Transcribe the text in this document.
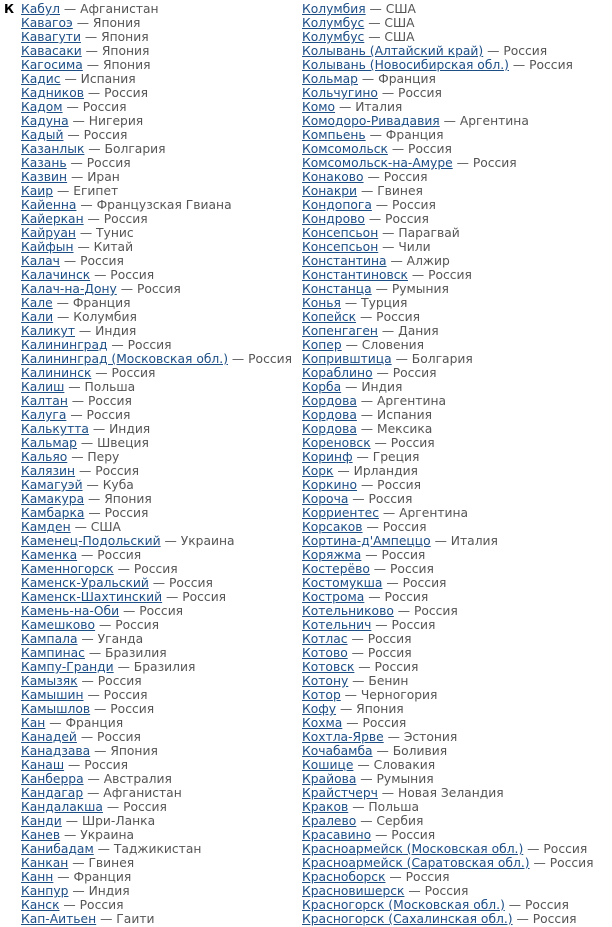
К Кабул — Афганистан
Кавагоэ — Япония
Кавагути — Япония
Кавасаки — Япония
Кагосима — Япония
Кадис — Испания
Кадников — Россия
Кадом — Россия
Кадуна — Нигерия
Кадый — Россия
Казанлык — Болгария
Казань — Россия
Казвин — Иран
Каир — Египет
Кайенна — Французская Гвиана
Кайеркан — Россия
Кайруан — Тунис
Кайфын — Китай
Калач — Россия
Калачинск — Россия
Калач-на-Дону — Россия
Кале — Франция
Кали — Колумбия
Каликут — Индия
Калининград — Россия
Калининград (Московская обл.) — Россия
Калининск — Россия
Калиш — Польша
Калтан — Россия
Калуга — Россия
Калькутта — Индия
Кальмар — Швеция
Кальяо — Перу
Калязин — Россия
Камагуэй — Куба
Камакура — Япония
Камбарка — Россия
Камден — США
Каменец-Подольский — Украина
Каменка — Россия
Каменногорск — Россия
Каменск-Уральский — Россия
Каменск-Шахтинский — Россия
Камень-на-Оби — Россия
Камешково — Россия
Кампала — Уганда
Кампинас — Бразилия
Кампу-Гранди — Бразилия
Камызяк — Россия
Камышин — Россия
Камышлов — Россия
Кан — Франция
Канадей — Россия
Канадзава — Япония
Канаш — Россия
Канберра — Австралия
Кандагар — Афганистан
Кандалакша — Россия
Канди — Шри-Ланка
Канев — Украина
Канибадам — Таджикистан
Канкан — Гвинея
Канн — Франция
Канпур — Индия
Канск — Россия
Кап-Аитьен — Гаити
Колумбия — США
Колумбус — США
Колумбус — США
Колывань (Алтайский край) — Россия
Колывань (Новосибирская обл.) — Россия
Кольмар — Франция
Кольчугино — Россия
Комо — Италия
Комодоро-Ривадавия — Аргентина
Компьень — Франция
Комсомольск — Россия
Комсомольск-на-Амуре — Россия
Конаково — Россия
Конакри — Гвинея
Кондопога — Россия
Кондрово — Россия
Консепсьон — Парагвай
Консепсьон — Чили
Константина — Алжир
Константиновск — Россия
Констанца — Румыния
Конья — Турция
Копейск — Россия
Копенгаген — Дания
Копер — Словения
Копривштица — Болгария
Кораблино — Россия
Корба — Индия
Кордова — Аргентина
Кордова — Испания
Кордова — Мексика
Кореновск — Россия
Коринф — Греция
Корк — Ирландия
Коркино — Россия
Короча — Россия
Корриентес — Аргентина
Корсаков — Россия
Кортина-д'Ампеццо — Италия
Коряжма — Россия
Костерёво — Россия
Костомукша — Россия
Кострома — Россия
Котельниково — Россия
Котельнич — Россия
Котлас — Россия
Котово — Россия
Котовск — Россия
Котону — Бенин
Котор — Черногория
Кофу — Япония
Кохма — Россия
Кохтла-Ярве — Эстония
Кочабамба — Боливия
Кошице — Словакия
Крайова — Румыния
Крайстчерч — Новая Зеландия
Краков — Польша
Кралево — Сербия
Красавино — Россия
Красноармейск (Московская обл.) — Россия
Красноармейск (Саратовская обл.) — Россия
Красноборск — Россия
Красновишерск — Россия
Красногорск (Московская обл.) — Россия
Красногорск (Сахалинская обл.) — Россия
